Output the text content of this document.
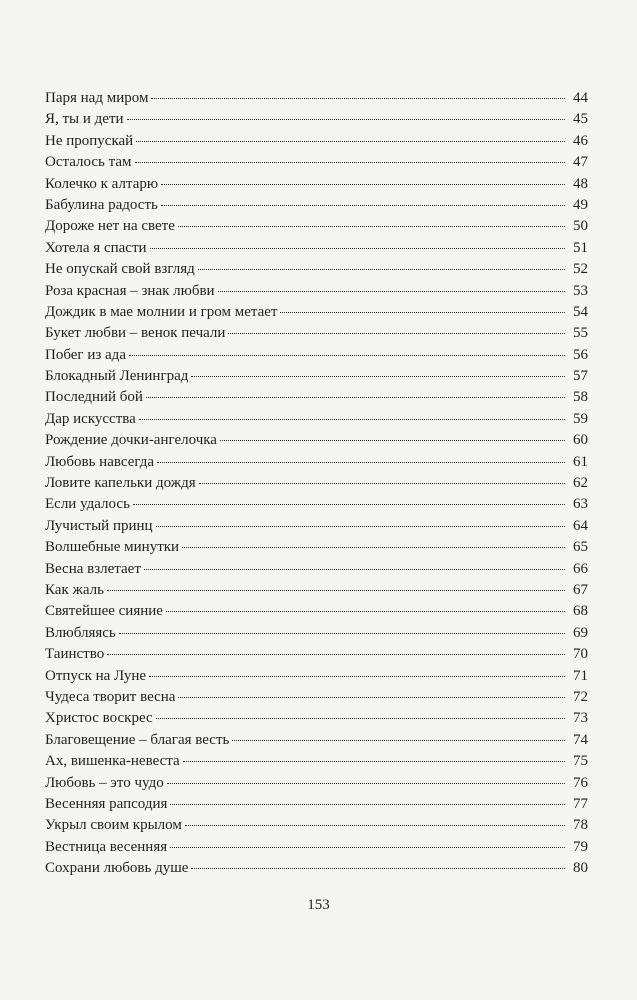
Паря над миром	44
Я, ты и дети	45
Не пропускай	46
Осталось там	47
Колечко к алтарю	48
Бабулина радость	49
Дороже нет на свете	50
Хотела я спасти	51
Не опускай свой взгляд	52
Роза красная – знак любви	53
Дождик в мае молнии и гром метает	54
Букет любви – венок печали	55
Побег из ада	56
Блокадный Ленинград	57
Последний бой	58
Дар искусства	59
Рождение дочки-ангелочка	60
Любовь навсегда	61
Ловите капельки дождя	62
Если удалось	63
Лучистый принц	64
Волшебные минутки	65
Весна взлетает	66
Как жаль	67
Святейшее сияние	68
Влюбляясь	69
Таинство	70
Отпуск на Луне	71
Чудеса творит весна	72
Христос воскрес	73
Благовещение – благая весть	74
Ах, вишенка-невеста	75
Любовь – это чудо	76
Весенняя рапсодия	77
Укрыл своим крылом	78
Вестница весенняя	79
Сохрани любовь душе	80
153
